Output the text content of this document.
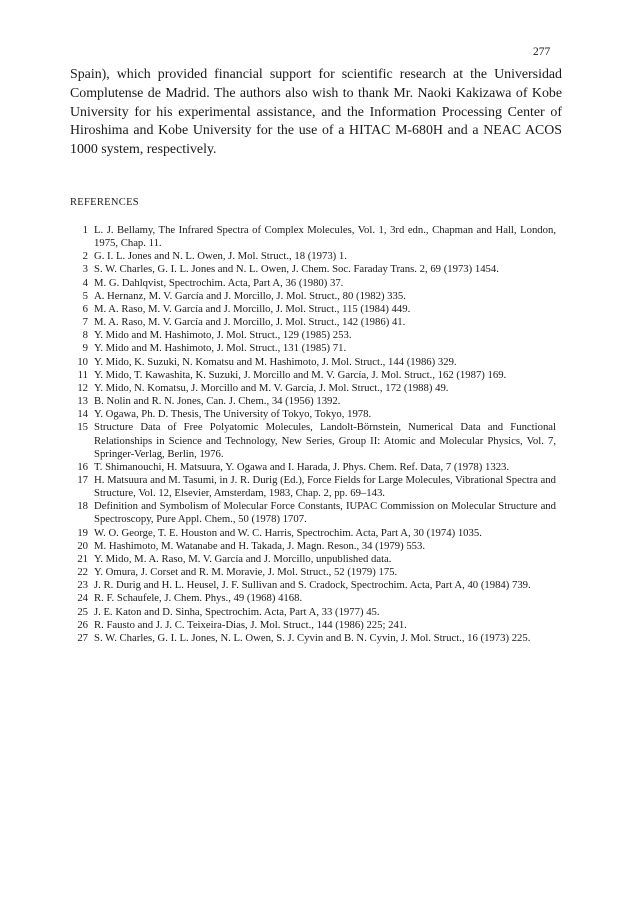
277

Spain), which provided financial support for scientific research at the Universidad Complutense de Madrid. The authors also wish to thank Mr. Naoki Kakizawa of Kobe University for his experimental assistance, and the Information Processing Center of Hiroshima and Kobe University for the use of a HITAC M-680H and a NEAC ACOS 1000 system, respectively.

REFERENCES
1 L. J. Bellamy, The Infrared Spectra of Complex Molecules, Vol. 1, 3rd edn., Chapman and Hall, London, 1975, Chap. 11.
2 G. I. L. Jones and N. L. Owen, J. Mol. Struct., 18 (1973) 1.
3 S. W. Charles, G. I. L. Jones and N. L. Owen, J. Chem. Soc. Faraday Trans. 2, 69 (1973) 1454.
4 M. G. Dahlqvist, Spectrochim. Acta, Part A, 36 (1980) 37.
5 A. Hernanz, M. V. García and J. Morcillo, J. Mol. Struct., 80 (1982) 335.
6 M. A. Raso, M. V. García and J. Morcillo, J. Mol. Struct., 115 (1984) 449.
7 M. A. Raso, M. V. García and J. Morcillo, J. Mol. Struct., 142 (1986) 41.
8 Y. Mido and M. Hashimoto, J. Mol. Struct., 129 (1985) 253.
9 Y. Mido and M. Hashimoto, J. Mol. Struct., 131 (1985) 71.
10 Y. Mido, K. Suzuki, N. Komatsu and M. Hashimoto, J. Mol. Struct., 144 (1986) 329.
11 Y. Mido, T. Kawashita, K. Suzuki, J. Morcillo and M. V. García, J. Mol. Struct., 162 (1987) 169.
12 Y. Mido, N. Komatsu, J. Morcillo and M. V. García, J. Mol. Struct., 172 (1988) 49.
13 B. Nolin and R. N. Jones, Can. J. Chem., 34 (1956) 1392.
14 Y. Ogawa, Ph. D. Thesis, The University of Tokyo, Tokyo, 1978.
15 Structure Data of Free Polyatomic Molecules, Landolt-Börnstein, Numerical Data and Functional Relationships in Science and Technology, New Series, Group II: Atomic and Molecular Physics, Vol. 7, Springer-Verlag, Berlin, 1976.
16 T. Shimanouchi, H. Matsuura, Y. Ogawa and I. Harada, J. Phys. Chem. Ref. Data, 7 (1978) 1323.
17 H. Matsuura and M. Tasumi, in J. R. Durig (Ed.), Force Fields for Large Molecules, Vibrational Spectra and Structure, Vol. 12, Elsevier, Amsterdam, 1983, Chap. 2, pp. 69–143.
18 Definition and Symbolism of Molecular Force Constants, IUPAC Commission on Molecular Structure and Spectroscopy, Pure Appl. Chem., 50 (1978) 1707.
19 W. O. George, T. E. Houston and W. C. Harris, Spectrochim. Acta, Part A, 30 (1974) 1035.
20 M. Hashimoto, M. Watanabe and H. Takada, J. Magn. Reson., 34 (1979) 553.
21 Y. Mido, M. A. Raso, M. V. García and J. Morcillo, unpublished data.
22 Y. Omura, J. Corset and R. M. Moravie, J. Mol. Struct., 52 (1979) 175.
23 J. R. Durig and H. L. Heusel, J. F. Sullivan and S. Cradock, Spectrochim. Acta, Part A, 40 (1984) 739.
24 R. F. Schaufele, J. Chem. Phys., 49 (1968) 4168.
25 J. E. Katon and D. Sinha, Spectrochim. Acta, Part A, 33 (1977) 45.
26 R. Fausto and J. J. C. Teixeira-Dias, J. Mol. Struct., 144 (1986) 225; 241.
27 S. W. Charles, G. I. L. Jones, N. L. Owen, S. J. Cyvin and B. N. Cyvin, J. Mol. Struct., 16 (1973) 225.
